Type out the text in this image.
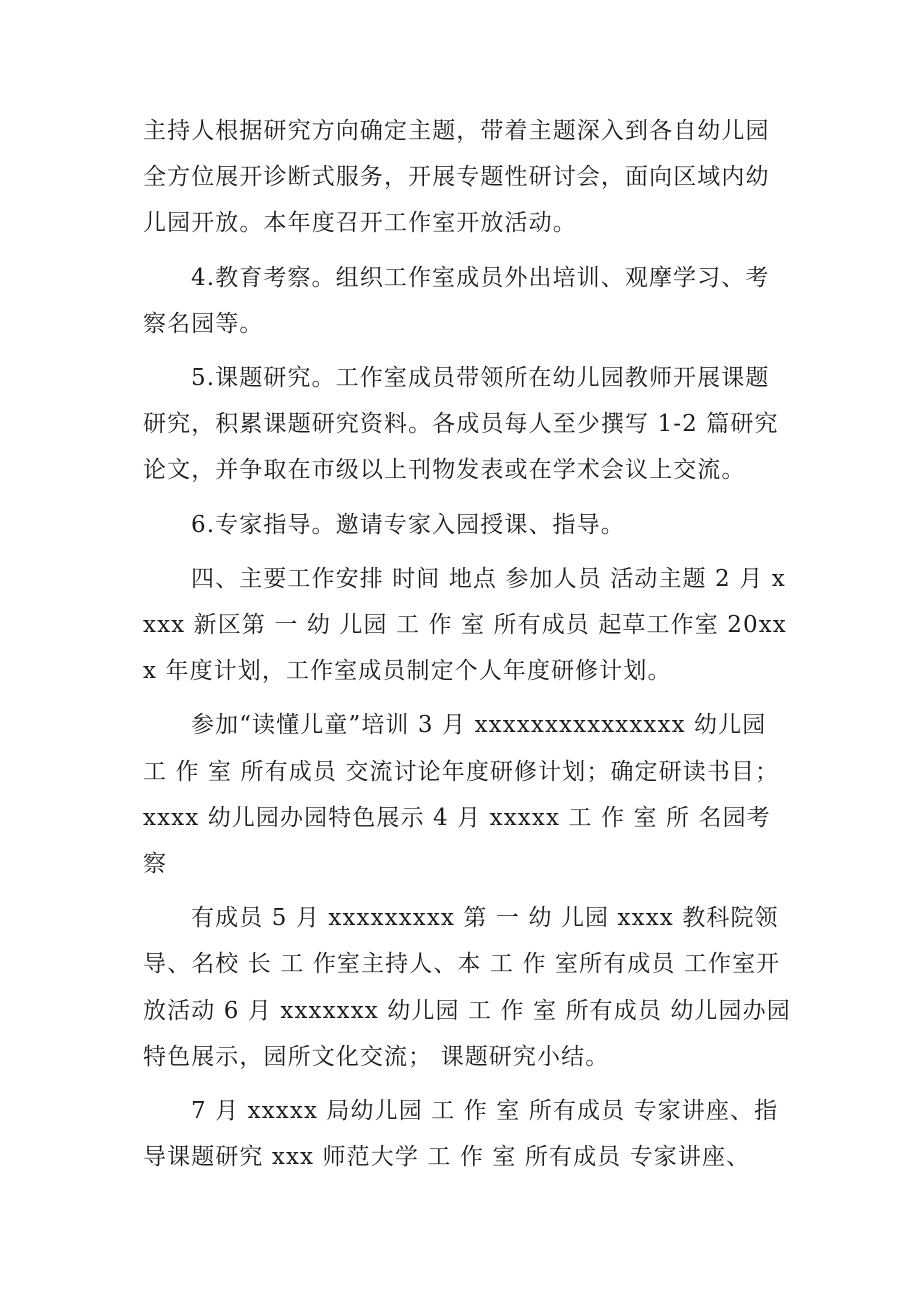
主持人根据研究方向确定主题，带着主题深入到各自幼儿园全方位展开诊断式服务，开展专题性研讨会，面向区域内幼儿园开放。本年度召开工作室开放活动。

4.教育考察。组织工作室成员外出培训、观摩学习、考察名园等。

5.课题研究。工作室成员带领所在幼儿园教师开展课题研究，积累课题研究资料。各成员每人至少撰写 1-2 篇研究论文，并争取在市级以上刊物发表或在学术会议上交流。

6.专家指导。邀请专家入园授课、指导。

四、主要工作安排 时间 地点 参加人员 活动主题 2 月 xxxx 新区第 一 幼 儿园 工 作 室 所有成员 起草工作室 20xxx 年度计划，工作室成员制定个人年度研修计划。

参加“读懂儿童”培训 3 月 xxxxxxxxxxxxxxx 幼儿园 工 作 室 所有成员 交流讨论年度研修计划；确定研读书目；xxxx 幼儿园办园特色展示 4 月 xxxxx 工 作 室 所 名园考察

有成员 5 月 xxxxxxxxx 第 一 幼 儿园 xxxx 教科院领导、名校 长 工 作室主持人、本 工 作 室所有成员 工作室开放活动 6 月 xxxxxxx 幼儿园 工 作 室 所有成员 幼儿园办园特色展示，园所文化交流； 课题研究小结。

7 月 xxxxx 局幼儿园 工 作 室 所有成员 专家讲座、指导课题研究 xxx 师范大学 工 作 室 所有成员 专家讲座、
